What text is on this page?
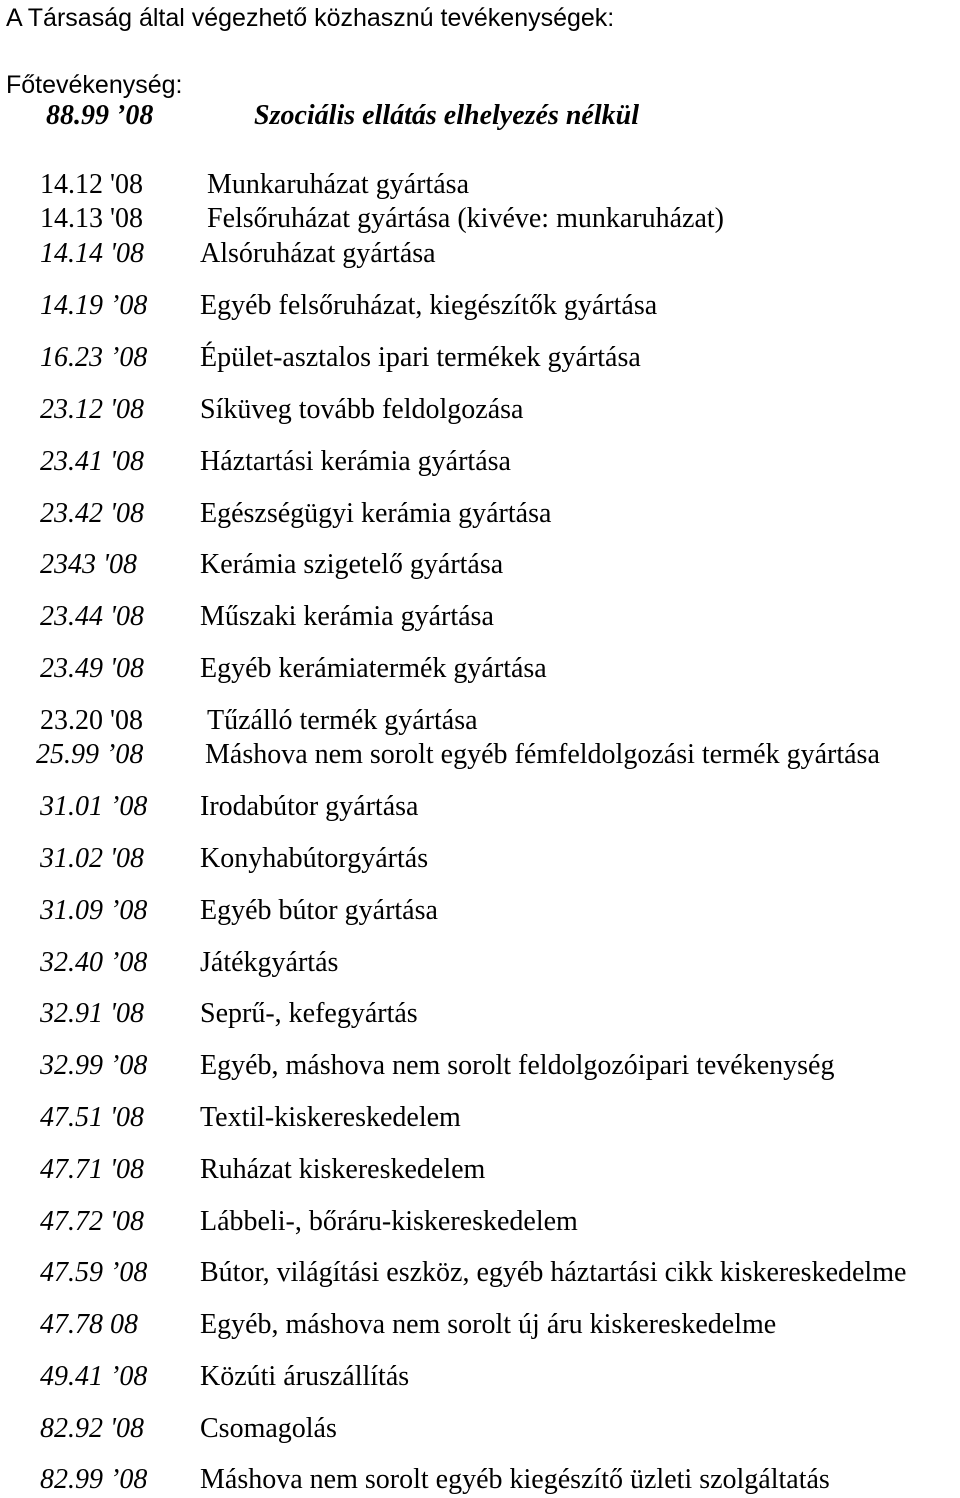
A Társaság által végezhető közhasznú tevékenységek:
Főtevékenység:
88.99 ’08	Szociális ellátás elhelyezés nélkül
14.12 '08 Munkaruházat gyártása
14.13 '08 Felsőruházat gyártása (kivéve: munkaruházat)
14.14 '08 Alsóruházat gyártása
14.19 ’08 Egyéb felsőruházat, kiegészítők gyártása
16.23 ’08 Épület-asztalos ipari termékek gyártása
23.12 '08 Síküveg tovább feldolgozása
23.41 '08 Háztartási kerámia gyártása
23.42 '08 Egészségügyi kerámia gyártása
2343 '08 Kerámia szigetelő gyártása
23.44 '08 Műszaki kerámia gyártása
23.49 '08 Egyéb kerámiatermék gyártása
23.20 '08 Tűzálló termék gyártása
25.99 ’08 Máshova nem sorolt egyéb fémfeldolgozási termék gyártása
31.01 ’08 Irodabútor gyártása
31.02 '08 Konyhabútorgyártás
31.09 ’08 Egyéb bútor gyártása
32.40 ’08 Játékgyártás
32.91 '08 Seprű-, kefegyártás
32.99 ’08 Egyéb, máshova nem sorolt feldolgozóipari tevékenység
47.51 '08 Textil-kiskereskedelem
47.71 '08 Ruházat kiskereskedelem
47.72 '08 Lábbeli-, bőráru-kiskereskedelem
47.59 ’08 Bútor, világítási eszköz, egyéb háztartási cikk kiskereskedelme
47.78 08 Egyéb, máshova nem sorolt új áru kiskereskedelme
49.41 ’08 Közúti áruszállítás
82.92 '08 Csomagolás
82.99 ’08 Máshova nem sorolt egyéb kiegészítő üzleti szolgáltatás
